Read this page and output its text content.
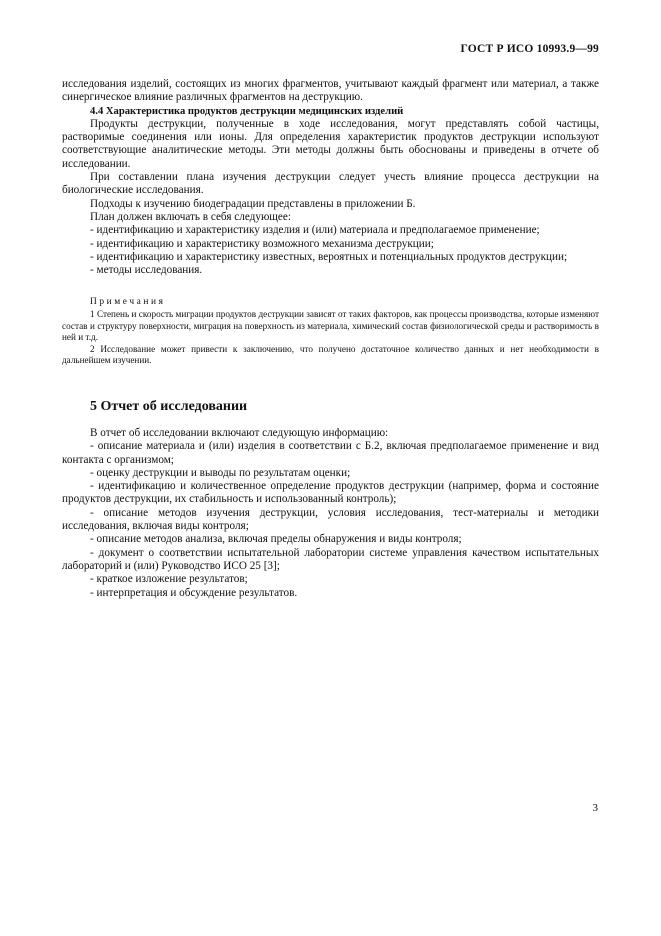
ГОСТ Р ИСО 10993.9—99

исследования изделий, состоящих из многих фрагментов, учитывают каждый фрагмент или материал, а также синергическое влияние различных фрагментов на деструкцию.

4.4 Характеристика продуктов деструкции медицинских изделий

Продукты деструкции, полученные в ходе исследования, могут представлять собой частицы, растворимые соединения или ионы. Для определения характеристик продуктов деструкции используют соответствующие аналитические методы. Эти методы должны быть обоснованы и приведены в отчете об исследовании.

При составлении плана изучения деструкции следует учесть влияние процесса деструкции на биологические исследования.

Подходы к изучению биодеградации представлены в приложении Б.

План должен включать в себя следующее:

- идентификацию и характеристику изделия и (или) материала и предполагаемое применение;

- идентификацию и характеристику возможного механизма деструкции;

- идентификацию и характеристику известных, вероятных и потенциальных продуктов деструкции;

- методы исследования.

Примечания

1 Степень и скорость миграции продуктов деструкции зависят от таких факторов, как процессы производства, которые изменяют состав и структуру поверхности, миграция на поверхность из материала, химический состав физиологической среды и растворимость в ней и т.д.

2 Исследование может привести к заключению, что получено достаточное количество данных и нет необходимости в дальнейшем изучении.

5 Отчет об исследовании

В отчет об исследовании включают следующую информацию:

- описание материала и (или) изделия в соответствии с Б.2, включая предполагаемое применение и вид контакта с организмом;

- оценку деструкции и выводы по результатам оценки;

- идентификацию и количественное определение продуктов деструкции (например, форма и состояние продуктов деструкции, их стабильность и использованный контроль);

- описание методов изучения деструкции, условия исследования, тест-материалы и методики исследования, включая виды контроля;

- описание методов анализа, включая пределы обнаружения и виды контроля;

- документ о соответствии испытательной лаборатории системе управления качеством испытательных лабораторий и (или) Руководство ИСО 25 [3];

- краткое изложение результатов;

- интерпретация и обсуждение результатов.

3
